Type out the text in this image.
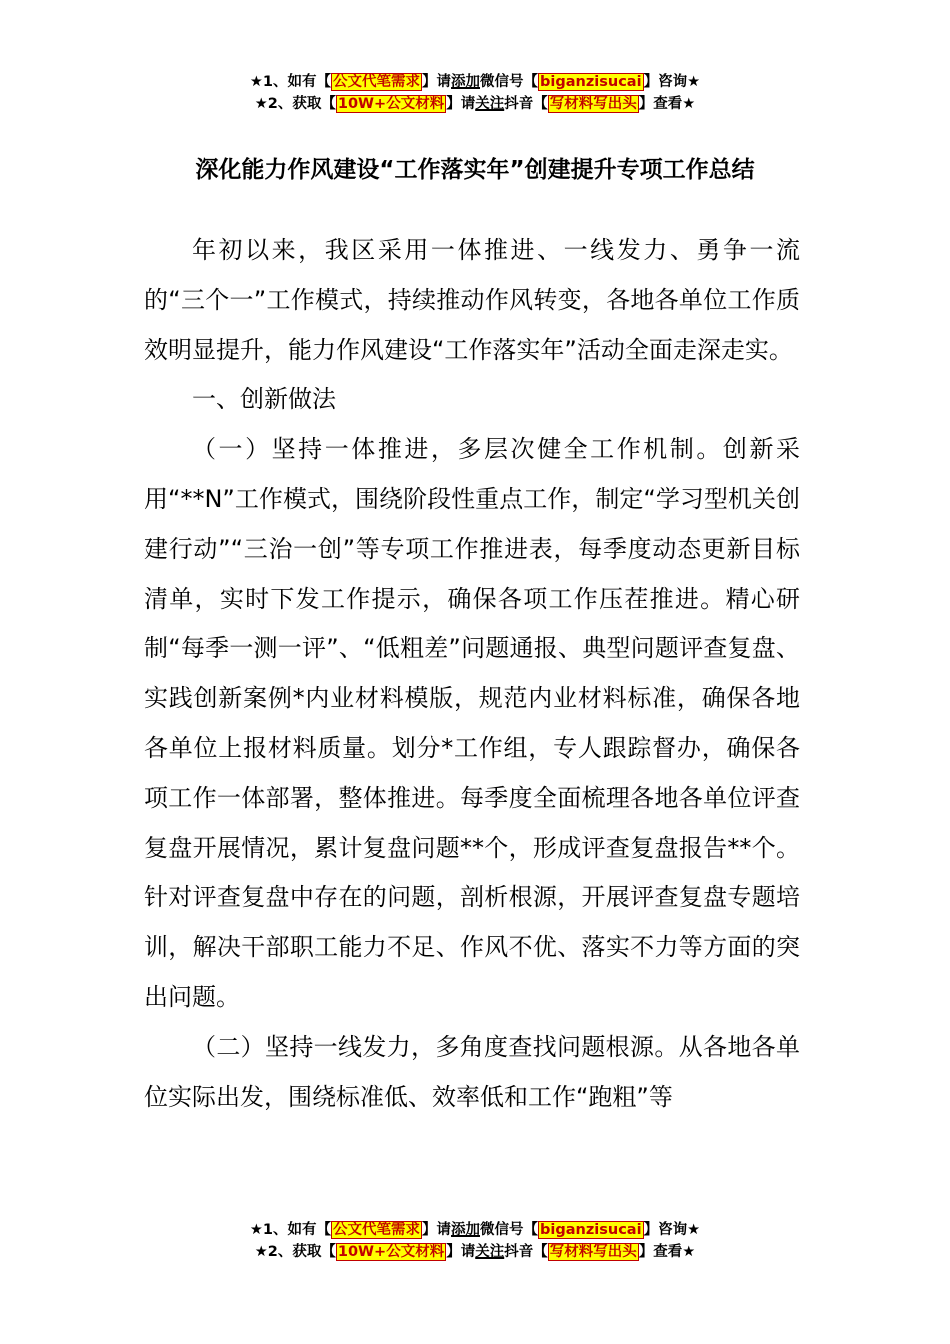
★1、如有【 公文代笔需求 】请添加微信号【 biganzisucai 】咨询★
★2、获取【 10W+公文材料 】请关注抖音【 写材料写出头 】查看★
深化能力作风建设“工作落实年”创建提升专项工作总结

年初以来，我区采用一体推进、一线发力、勇争一流的“三个一”工作模式，持续推动作风转变，各地各单位工作质效明显提升，能力作风建设“工作落实年”活动全面走深走实。

一、创新做法

（一）坚持一体推进，多层次健全工作机制。创新采用“**N”工作模式，围绕阶段性重点工作，制定“学习型机关创建行动”“三治一创”等专项工作推进表，每季度动态更新目标清单，实时下发工作提示，确保各项工作压茬推进。精心研制“每季一测一评”、“低粗差”问题通报、典型问题评查复盘、实践创新案例*内业材料模版，规范内业材料标准，确保各地各单位上报材料质量。划分*工作组，专人跟踪督办，确保各项工作一体部署，整体推进。每季度全面梳理各地各单位评查复盘开展情况，累计复盘问题**个，形成评查复盘报告**个。针对评查复盘中存在的问题，剖析根源，开展评查复盘专题培训，解决干部职工能力不足、作风不优、落实不力等方面的突出问题。

（二）坚持一线发力，多角度查找问题根源。从各地各单位实际出发，围绕标准低、效率低和工作“跑粗”等

★1、如有【 公文代笔需求 】请添加微信号【 biganzisucai 】咨询★
★2、获取【 10W+公文材料 】请关注抖音【 写材料写出头 】查看★
